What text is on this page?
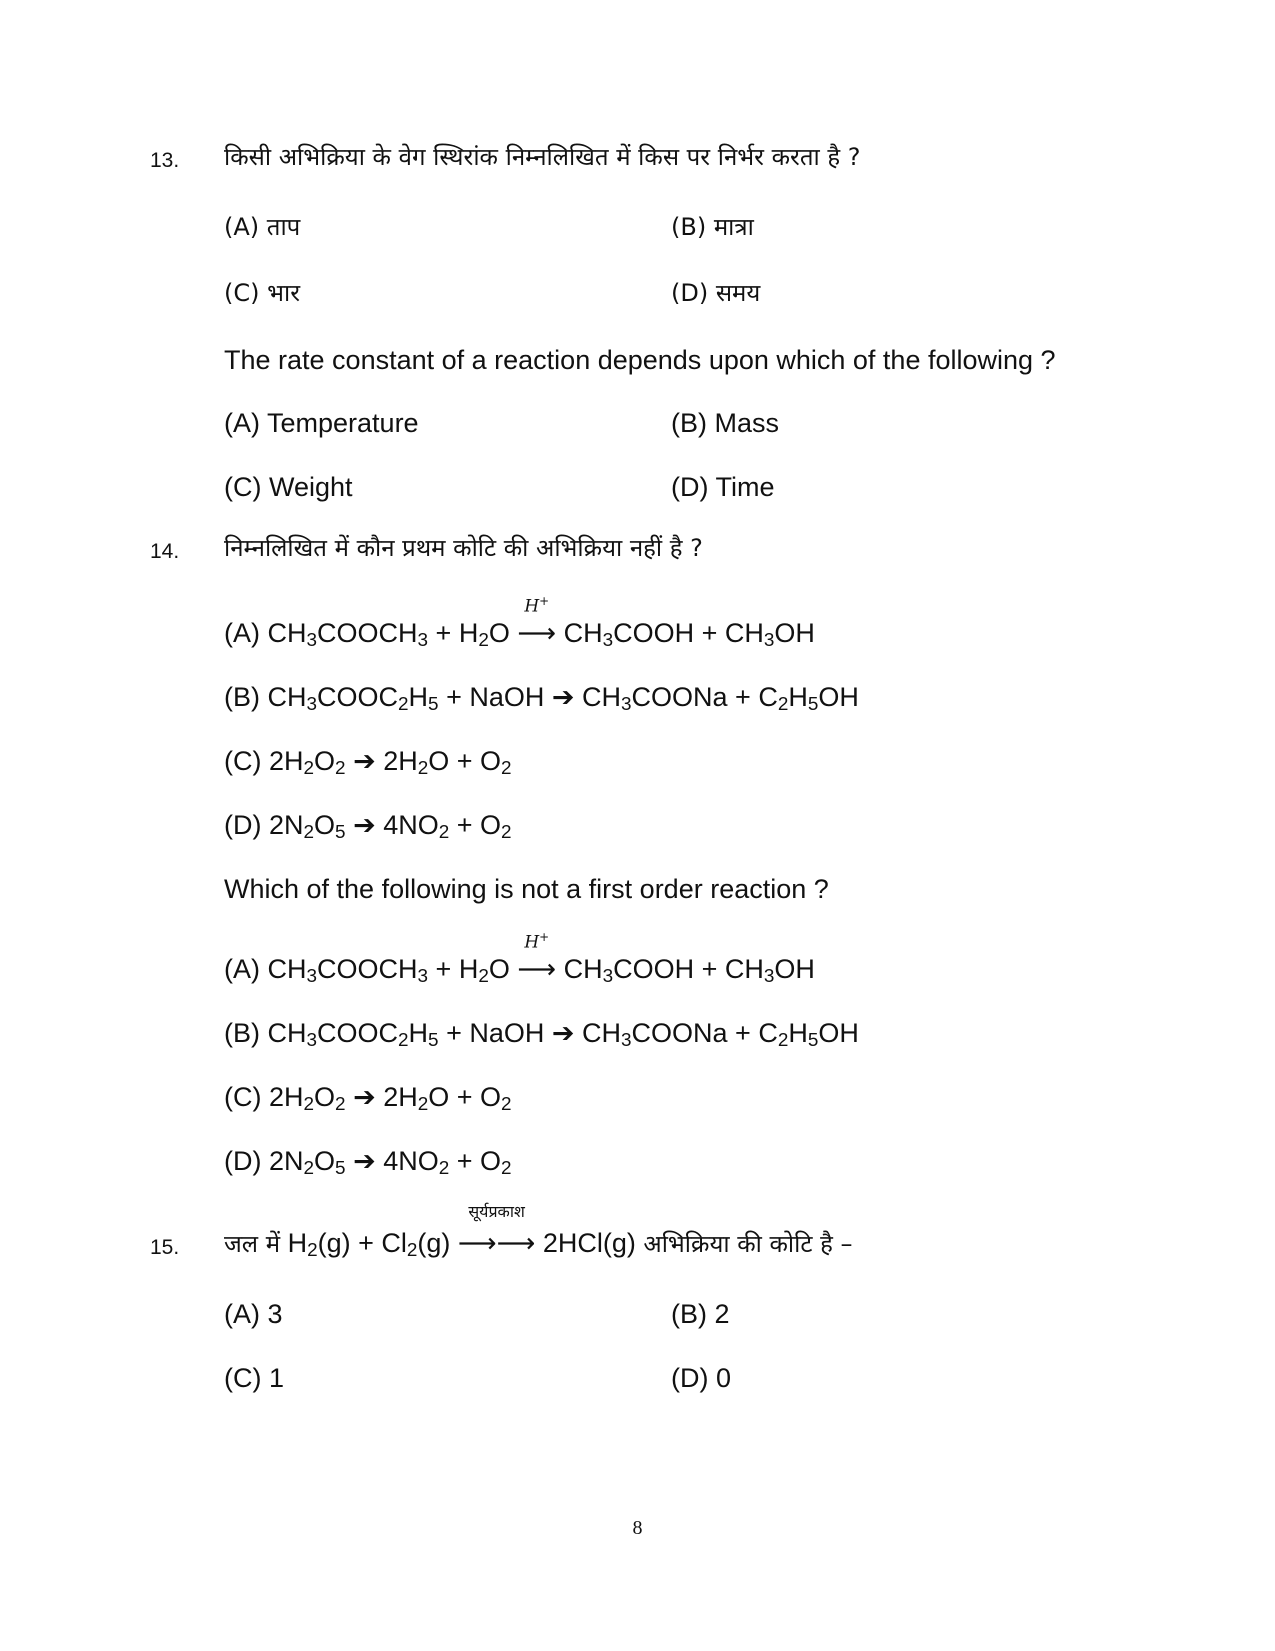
13. किसी अभिक्रिया के वेग स्थिरांक निम्नलिखित में किस पर निर्भर करता है ?
(A) ताप	(B) मात्रा
(C) भार	(D) समय
The rate constant of a reaction depends upon which of the following ?
(A) Temperature	(B) Mass
(C) Weight	(D) Time
14. निम्नलिखित में कौन प्रथम कोटि की अभिक्रिया नहीं है ?
(A) $CH_3COOCH_3 + H_2O$
H+
⟶ $CH_3COOH + CH_3OH$
(B) $CH_3COOC_2H_5$ + NaOH ➔ $CH_3COONa + C_2H_5OH$
(C) $2H_2O_2$ ➔ $2H_2O + O_2$
(D) $2N_2O_5$ ➔ $4NO_2 + O_2$
Which of the following is not a first order reaction ?
(A) $CH_3COOCH_3 + H_2O$
H+
⟶ $CH_3COOH + CH_3OH$
(B) $CH_3COOC_2H_5$ + NaOH ➔ $CH_3COONa + C_2H_5OH$
(C) $2H_2O_2$ ➔ $2H_2O + O_2$
(D) $2N_2O_5$ ➔ $4NO_2 + O_2$
15. जल में $H_2(g) + Cl_2(g)$
सूर्यप्रकाश
⟶⟶ 2HCl(g) अभिक्रिया की कोटि है –
(A) 3	(B) 2
(C) 1	(D) 0
8
